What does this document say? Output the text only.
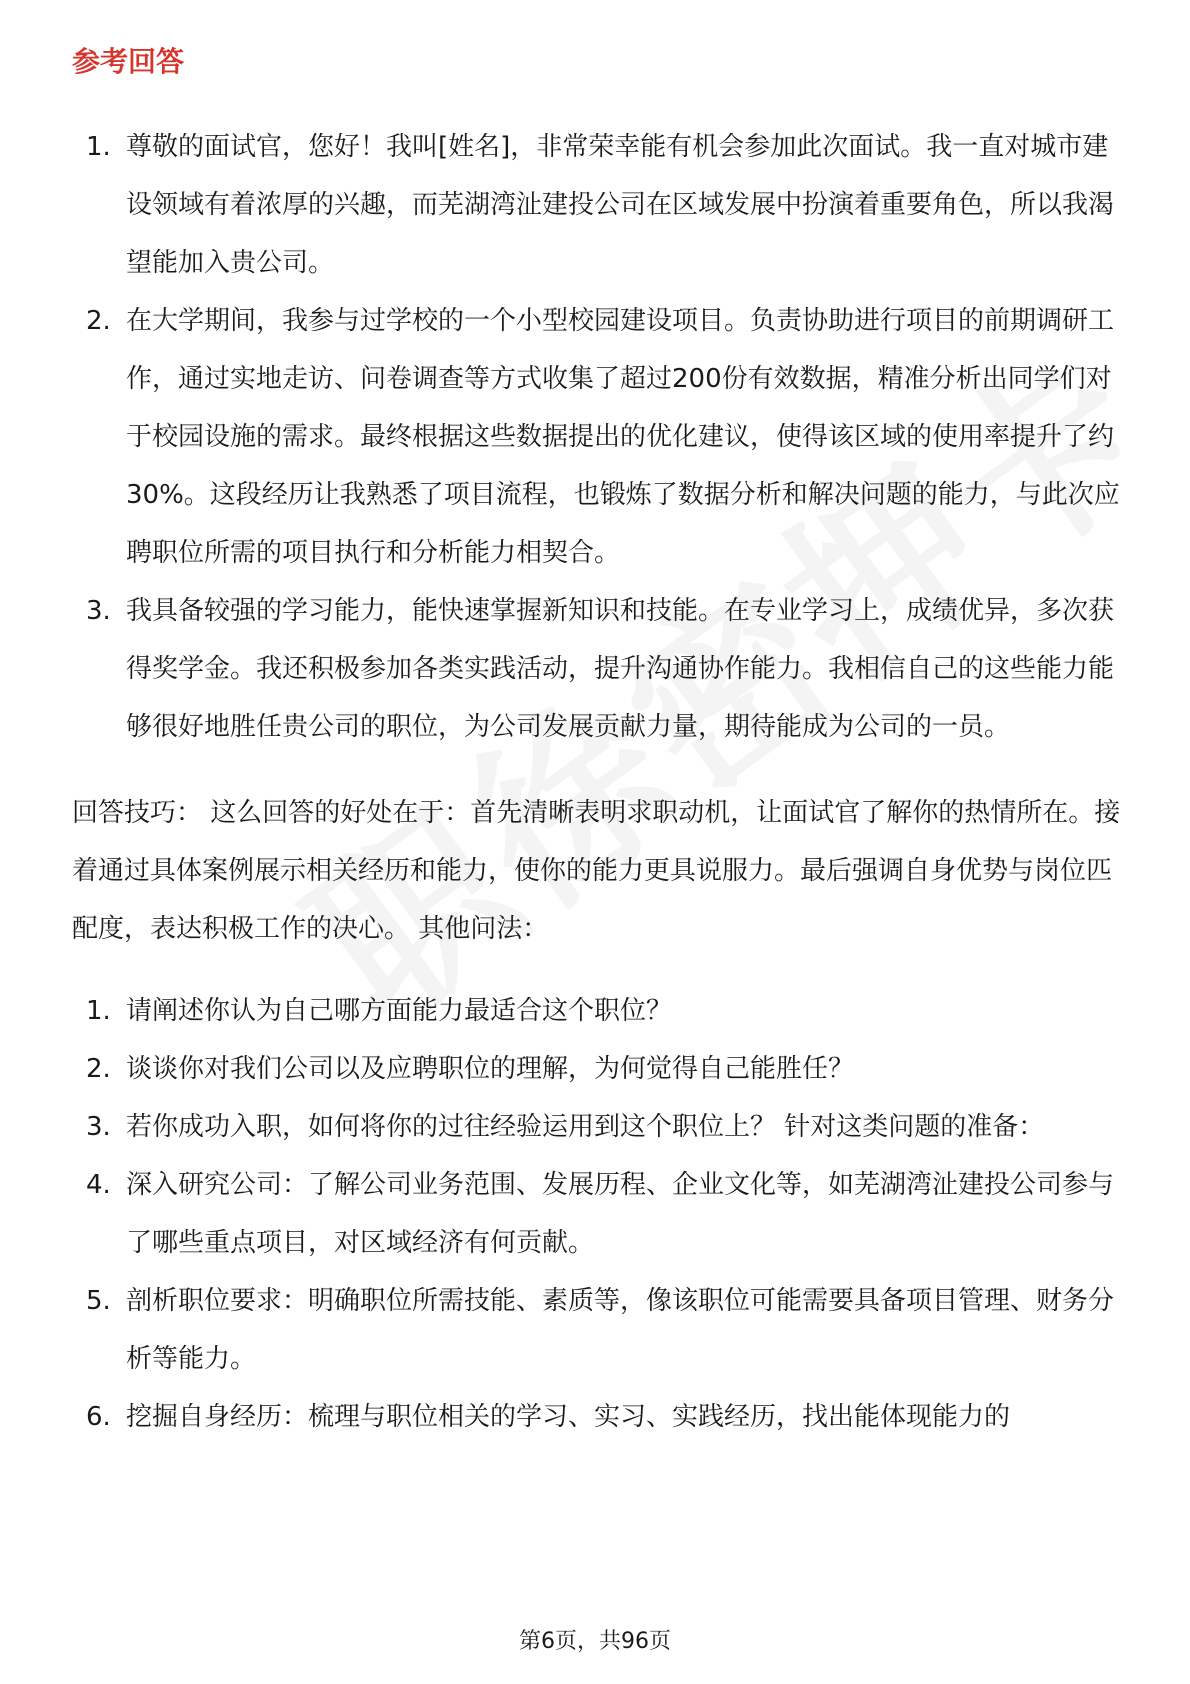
参考回答
1. 尊敬的面试官，您好！我叫[姓名]，非常荣幸能有机会参加此次面试。我一直对城市建设领域有着浓厚的兴趣，而芜湖湾沚建投公司在区域发展中扮演着重要角色，所以我渴望能加入贵公司。
2. 在大学期间，我参与过学校的一个小型校园建设项目。负责协助进行项目的前期调研工作，通过实地走访、问卷调查等方式收集了超过200份有效数据，精准分析出同学们对于校园设施的需求。最终根据这些数据提出的优化建议，使得该区域的使用率提升了约30%。这段经历让我熟悉了项目流程，也锻炼了数据分析和解决问题的能力，与此次应聘职位所需的项目执行和分析能力相契合。
3. 我具备较强的学习能力，能快速掌握新知识和技能。在专业学习上，成绩优异，多次获得奖学金。我还积极参加各类实践活动，提升沟通协作能力。我相信自己的这些能力能够很好地胜任贵公司的职位，为公司发展贡献力量，期待能成为公司的一员。
回答技巧： 这么回答的好处在于：首先清晰表明求职动机，让面试官了解你的热情所在。接着通过具体案例展示相关经历和能力，使你的能力更具说服力。最后强调自身优势与岗位匹配度，表达积极工作的决心。 其他问法：
1. 请阐述你认为自己哪方面能力最适合这个职位？
2. 谈谈你对我们公司以及应聘职位的理解，为何觉得自己能胜任？
3. 若你成功入职，如何将你的过往经验运用到这个职位上？ 针对这类问题的准备：
4. 深入研究公司：了解公司业务范围、发展历程、企业文化等，如芜湖湾沚建投公司参与了哪些重点项目，对区域经济有何贡献。
5. 剖析职位要求：明确职位所需技能、素质等，像该职位可能需要具备项目管理、财务分析等能力。
6. 挖掘自身经历：梳理与职位相关的学习、实习、实践经历，找出能体现能力的
第6页，共96页
